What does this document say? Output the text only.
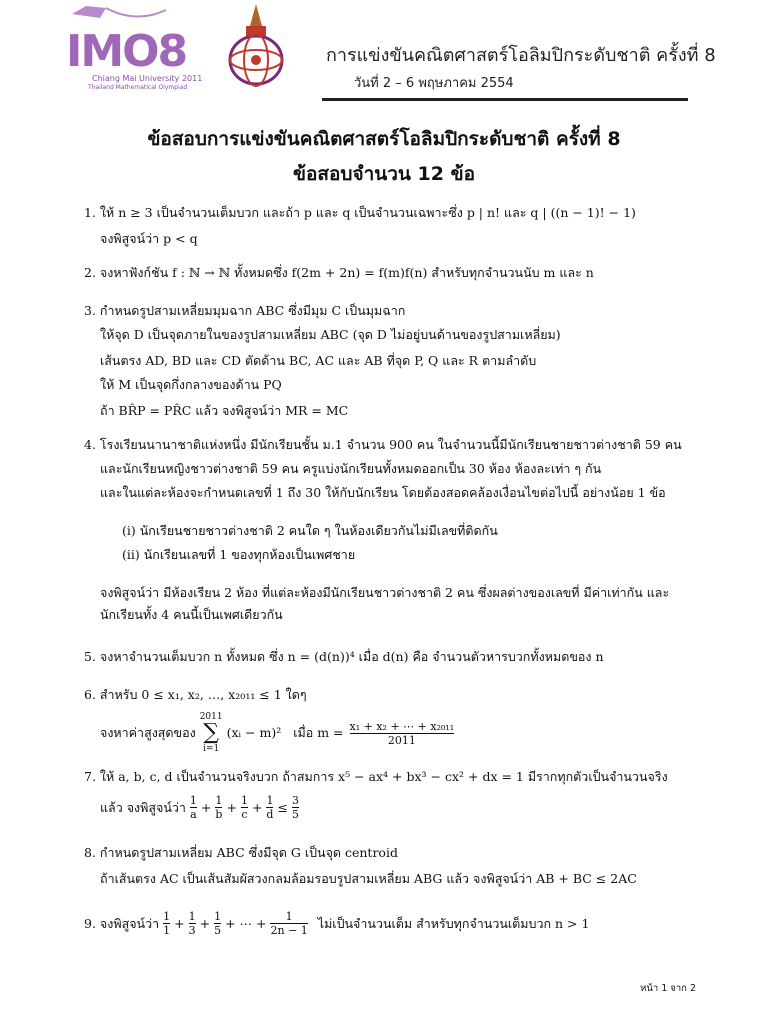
IMO8
Chiang Mai University 2011
Thailand Mathematical Olympiad
การแข่งขันคณิตศาสตร์โอลิมปิกระดับชาติ ครั้งที่ 8
วันที่ 2 – 6 พฤษภาคม 2554
ข้อสอบการแข่งขันคณิตศาสตร์โอลิมปิกระดับชาติ ครั้งที่ 8
ข้อสอบจำนวน 12 ข้อ
1. ให้ n ≥ 3 เป็นจำนวนเต็มบวก และถ้า p และ q เป็นจำนวนเฉพาะซึ่ง p | n! และ q | ((n − 1)! − 1)
จงพิสูจน์ว่า p < q
2. จงหาฟังก์ชัน f : ℕ → ℕ ทั้งหมดซึ่ง f(2m + 2n) = f(m)f(n) สำหรับทุกจำนวนนับ m และ n
3. กำหนดรูปสามเหลี่ยมมุมฉาก ABC ซึ่งมีมุม C เป็นมุมฉาก
ให้จุด D เป็นจุดภายในของรูปสามเหลี่ยม ABC (จุด D ไม่อยู่บนด้านของรูปสามเหลี่ยม)
เส้นตรง AD, BD และ CD ตัดด้าน BC, AC และ AB ที่จุด P, Q และ R ตามลำดับ
ให้ M เป็นจุดกึ่งกลางของด้าน PQ
ถ้า BR̂P = PR̂C แล้ว จงพิสูจน์ว่า MR = MC
4. โรงเรียนนานาชาติแห่งหนึ่ง มีนักเรียนชั้น ม.1 จำนวน 900 คน ในจำนวนนี้มีนักเรียนชายชาวต่างชาติ 59 คน
และนักเรียนหญิงชาวต่างชาติ 59 คน ครูแบ่งนักเรียนทั้งหมดออกเป็น 30 ห้อง ห้องละเท่า ๆ กัน
และในแต่ละห้องจะกำหนดเลขที่ 1 ถึง 30 ให้กับนักเรียน โดยต้องสอดคล้องเงื่อนไขต่อไปนี้ อย่างน้อย 1 ข้อ
(i) นักเรียนชายชาวต่างชาติ 2 คนใด ๆ ในห้องเดียวกันไม่มีเลขที่ติดกัน
(ii) นักเรียนเลขที่ 1 ของทุกห้องเป็นเพศชาย
จงพิสูจน์ว่า มีห้องเรียน 2 ห้อง ที่แต่ละห้องมีนักเรียนชาวต่างชาติ 2 คน ซึ่งผลต่างของเลขที่ มีค่าเท่ากัน และ
นักเรียนทั้ง 4 คนนี้เป็นเพศเดียวกัน
5. จงหาจำนวนเต็มบวก n ทั้งหมด ซึ่ง n = (d(n))⁴ เมื่อ d(n) คือ จำนวนตัวหารบวกทั้งหมดของ n
6. สำหรับ 0 ≤ x₁, x₂, …, x₂₀₁₁ ≤ 1 ใดๆ
จงหาค่าสูงสุดของ
2011
∑
i=1
(xᵢ − m)² เมื่อ $m = \frac{\text{x₁ + x₂ + ⋯ + x₂₀₁₁}}{2011}$
7. ให้ a, b, c, d เป็นจำนวนจริงบวก ถ้าสมการ x⁵ − ax⁴ + bx³ − cx² + dx = 1 มีรากทุกตัวเป็นจำนวนจริง
แล้ว จงพิสูจน์ว่า $\frac{1}{a} + \frac{1}{b} + \frac{1}{c} + \frac{1}{d} \le \frac{3}{5}$
8. กำหนดรูปสามเหลี่ยม ABC ซึ่งมีจุด G เป็นจุด centroid
ถ้าเส้นตรง AC เป็นเส้นสัมผัสวงกลมล้อมรอบรูปสามเหลี่ยม ABG แล้ว จงพิสูจน์ว่า AB + BC ≤ 2AC
9. จงพิสูจน์ว่า $\frac{1}{1} + \frac{1}{3} + \frac{1}{5}$ + ⋯ + $\frac{1}{2n - 1}$ ไม่เป็นจำนวนเต็ม สำหรับทุกจำนวนเต็มบวก n > 1
หน้า 1 จาก 2
